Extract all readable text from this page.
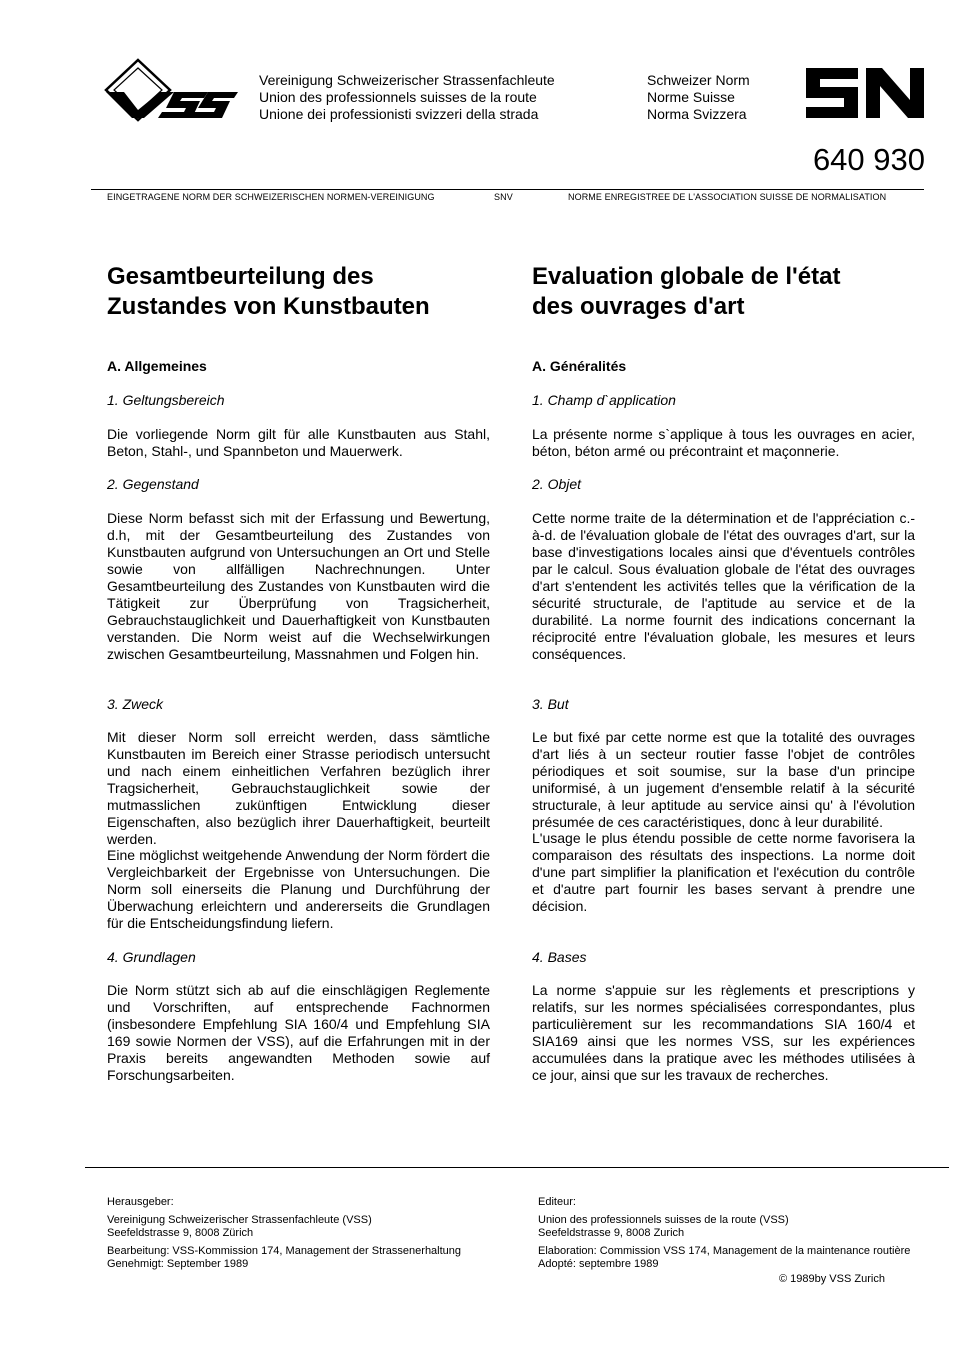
Vereinigung Schweizerischer Strassenfachleute
Union des professionnels suisses de la route
Unione dei professionisti svizzeri della strada
Schweizer Norm
Norme Suisse
Norma Svizzera
640 930
EINGETRAGENE NORM DER SCHWEIZERISCHEN NORMEN-VEREINIGUNG	SNV	NORME ENREGISTREE DE L'ASSOCIATION SUISSE DE NORMALISATION
Gesamtbeurteilung des
Zustandes von Kunstbauten
A. Allgemeines
1. Geltungsbereich

Die vorliegende Norm gilt für alle Kunstbauten aus Stahl, Beton, Stahl-, und Spannbeton und Mauerwerk.

2. Gegenstand

Diese Norm befasst sich mit der Erfassung und Bewertung, d.h, mit der Gesamtbeurteilung des Zustandes von Kunstbauten aufgrund von Untersuchungen an Ort und Stelle sowie von allfälligen Nachrechnungen. Unter Gesamtbeurteilung des Zustandes von Kunstbauten wird die Tätigkeit zur Überprüfung von Tragsicherheit, Gebrauchstauglichkeit und Dauerhaftigkeit von Kunstbauten verstanden. Die Norm weist auf die Wechselwirkungen zwischen Gesamtbeurteilung, Massnahmen und Folgen hin.

3. Zweck

Mit dieser Norm soll erreicht werden, dass sämtliche Kunstbauten im Bereich einer Strasse periodisch untersucht und nach einem einheitlichen Verfahren bezüglich ihrer Tragsicherheit, Gebrauchstauglichkeit sowie der mutmasslichen zukünftigen Entwicklung dieser Eigenschaften, also bezüglich ihrer Dauerhaftigkeit, beurteilt werden.

Eine möglichst weitgehende Anwendung der Norm fördert die Vergleichbarkeit der Ergebnisse von Untersuchungen. Die Norm soll einerseits die Planung und Durchführung der Überwachung erleichtern und andererseits die Grundlagen für die Entscheidungsfindung liefern.

4. Grundlagen

Die Norm stützt sich ab auf die einschlägigen Reglemente und Vorschriften, auf entsprechende Fachnormen (insbesondere Empfehlung SIA 160/4 und Empfehlung SIA 169 sowie Normen der VSS), auf die Erfahrungen mit in der Praxis bereits angewandten Methoden sowie auf Forschungsarbeiten.

Evaluation globale de l'état
des ouvrages d'art
A. Généralités
1. Champ d`application

La présente norme s`applique à tous les ouvrages en acier, béton, béton armé ou précontraint et maçonnerie.

2. Objet

Cette norme traite de la détermination et de l'appréciation c.-à-d. de l'évaluation globale de l'état des ouvrages d'art, sur la base d'investigations locales ainsi que d'éventuels contrôles par le calcul. Sous évaluation globale de l'état des ouvrages d'art s'entendent les activités telles que la vérification de la sécurité structurale, de l'aptitude au service et de la durabilité. La norme fournit des indications concernant la réciprocité entre l'évaluation globale, les mesures et leurs conséquences.

3. But

Le but fixé par cette norme est que la totalité des ouvrages d'art liés à un secteur routier fasse l'objet de contrôles périodiques et soit soumise, sur la base d'un principe uniformisé, à un jugement d'ensemble relatif à la sécurité structurale, à leur aptitude au service ainsi qu' à l'évolution présumée de ces caractéristiques, donc à leur durabilité.

L'usage le plus étendu possible de cette norme favorisera la comparaison des résultats des inspections. La norme doit d'une part simplifier la planification et l'exécution du contrôle et d'autre part fournir les bases servant à prendre une décision.

4. Bases

La norme s'appuie sur les règlements et prescriptions y relatifs, sur les normes spécialisées correspondantes, plus particulièrement sur les recommandations SIA 160/4 et SIA169 ainsi que les normes VSS, sur les expériences accumulées dans la pratique avec les méthodes utilisées à ce jour, ainsi que sur les travaux de recherches.

Herausgeber:
Vereinigung Schweizerischer Strassenfachleute (VSS)
Seefeldstrasse 9, 8008 Zürich
Bearbeitung: VSS-Kommission 174, Management der Strassenerhaltung
Genehmigt: September 1989
Editeur:
Union des professionnels suisses de la route (VSS)
Seefeldstrasse 9, 8008 Zurich
Elaboration: Commission VSS 174, Management de la maintenance routière
Adopté: septembre 1989
© 1989by VSS Zurich
